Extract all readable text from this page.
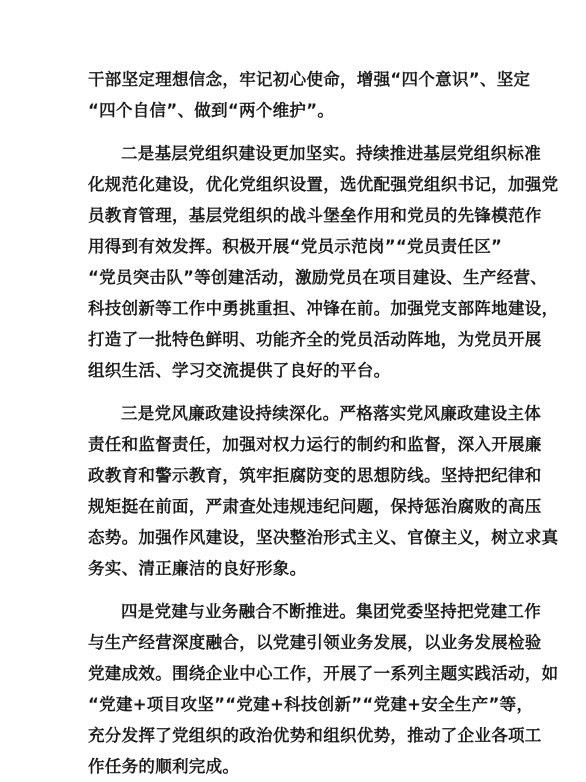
干部坚定理想信念，牢记初心使命，增强“四个意识”、坚定
“四个自信”、做到“两个维护”。

二是基层党组织建设更加坚实。持续推进基层党组织标准
化规范化建设，优化党组织设置，选优配强党组织书记，加强党
员教育管理，基层党组织的战斗堡垒作用和党员的先锋模范作
用得到有效发挥。积极开展“党员示范岗”“党员责任区”
“党员突击队”等创建活动，激励党员在项目建设、生产经营、
科技创新等工作中勇挑重担、冲锋在前。加强党支部阵地建设，
打造了一批特色鲜明、功能齐全的党员活动阵地，为党员开展
组织生活、学习交流提供了良好的平台。

三是党风廉政建设持续深化。严格落实党风廉政建设主体
责任和监督责任，加强对权力运行的制约和监督，深入开展廉
政教育和警示教育，筑牢拒腐防变的思想防线。坚持把纪律和
规矩挺在前面，严肃查处违规违纪问题，保持惩治腐败的高压
态势。加强作风建设，坚决整治形式主义、官僚主义，树立求真
务实、清正廉洁的良好形象。

四是党建与业务融合不断推进。集团党委坚持把党建工作
与生产经营深度融合，以党建引领业务发展，以业务发展检验
党建成效。围绕企业中心工作，开展了一系列主题实践活动，如
“党建+项目攻坚”“党建+科技创新”“党建+安全生产”等，
充分发挥了党组织的政治优势和组织优势，推动了企业各项工
作任务的顺利完成。
